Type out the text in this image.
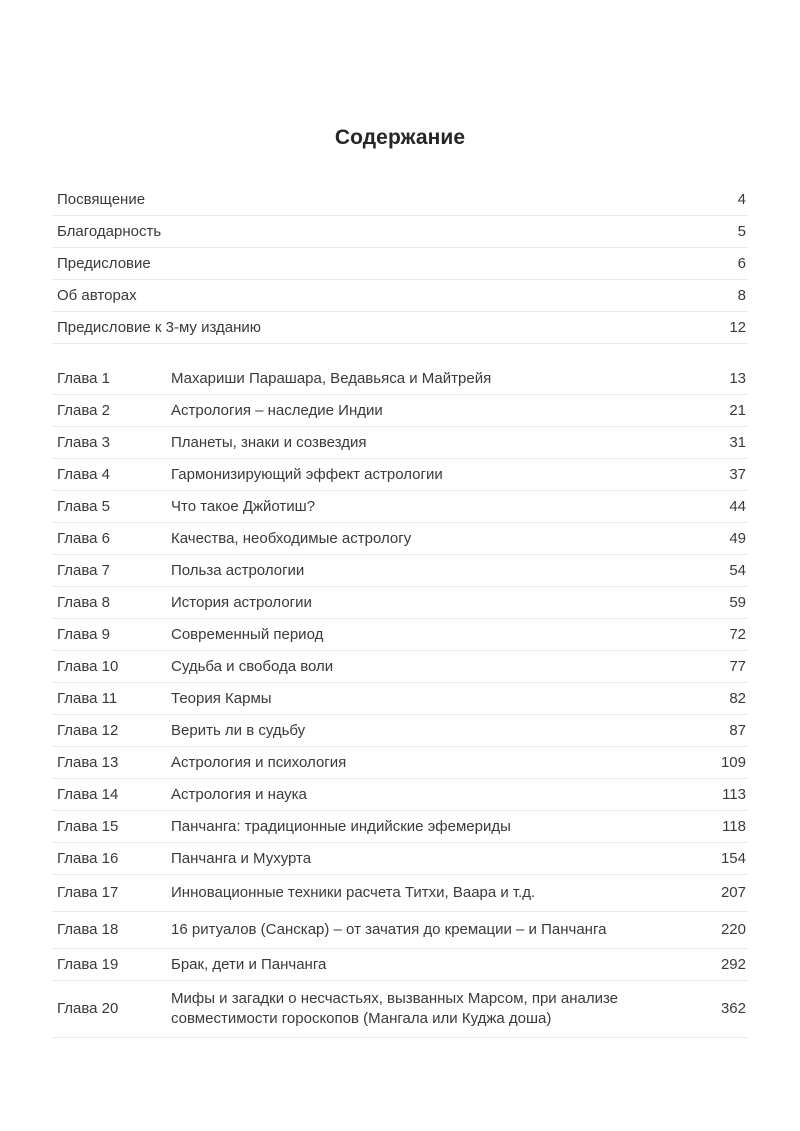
Содержание
Посвящение	4
Благодарность	5
Предисловие	6
Об авторах	8
Предисловие к 3-му изданию	12
Глава 1	Махариши Парашара, Ведавьяса и Майтрейя	13
Глава 2	Астрология – наследие Индии	21
Глава 3	Планеты, знаки и созвездия	31
Глава 4	Гармонизирующий эффект астрологии	37
Глава 5	Что такое Джйотиш?	44
Глава 6	Качества, необходимые астрологу	49
Глава 7	Польза астрологии	54
Глава 8	История астрологии	59
Глава 9	Современный период	72
Глава 10	Судьба и свобода воли	77
Глава 11	Теория Кармы	82
Глава 12	Верить ли в судьбу	87
Глава 13	Астрология и психология	109
Глава 14	Астрология и наука	113
Глава 15	Панчанга: традиционные индийские эфемериды	118
Глава 16	Панчанга и Мухурта	154
Глава 17	Инновационные техники расчета Титхи, Ваара и т.д.	207
Глава 18	16 ритуалов (Санскар) – от зачатия до кремации – и Панчанга	220
Глава 19	Брак, дети и Панчанга	292
Глава 20	Мифы и загадки о несчастьях, вызванных Марсом, при анализе совместимости гороскопов (Мангала или Куджа доша)	362
